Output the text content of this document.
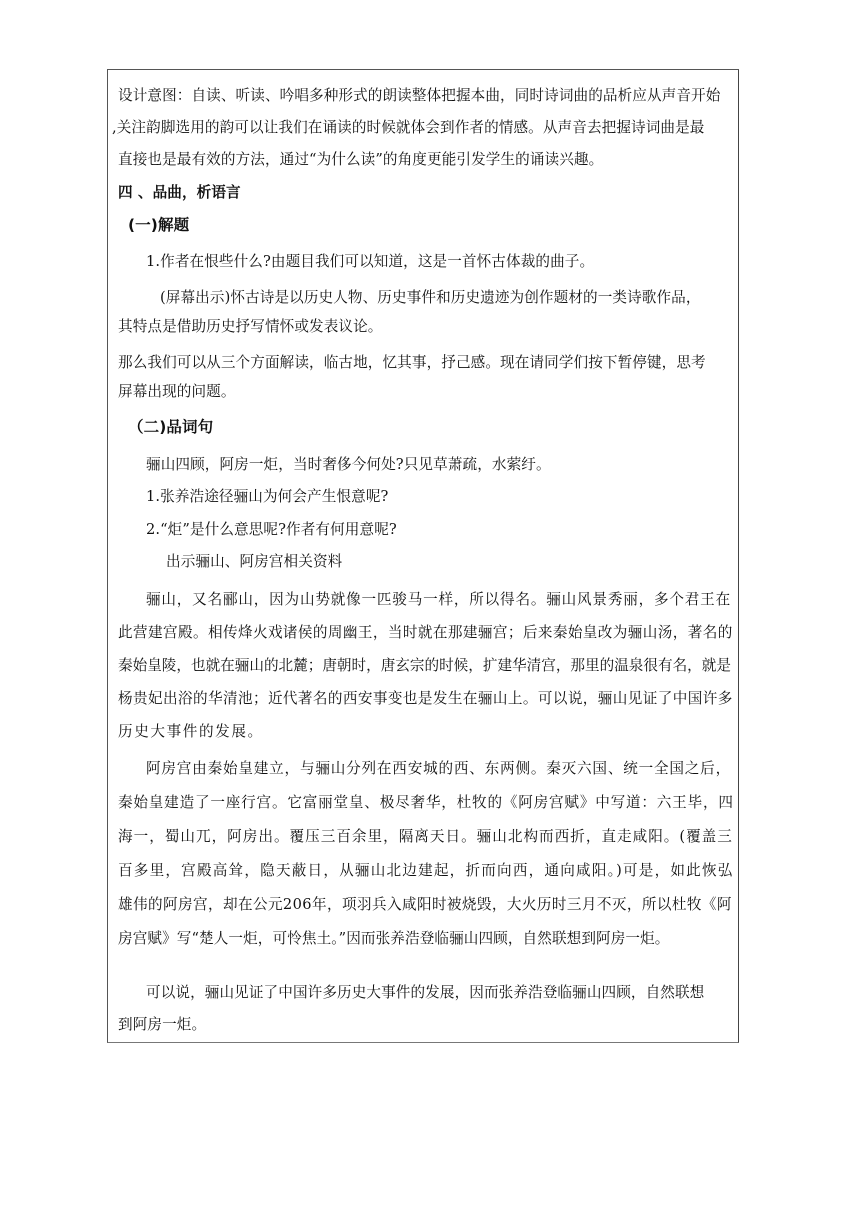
设计意图：自读、听读、吟唱多种形式的朗读整体把握本曲，同时诗词曲的品析应从声音开始
,关注韵脚选用的韵可以让我们在诵读的时候就体会到作者的情感。从声音去把握诗词曲是最
直接也是最有效的方法，通过“为什么读”的角度更能引发学生的诵读兴趣。
四 、品曲，析语言
(一)解题
1.作者在恨些什么?由题目我们可以知道，这是一首怀古体裁的曲子。
(屏幕出示)怀古诗是以历史人物、历史事件和历史遗迹为创作题材的一类诗歌作品，
其特点是借助历史抒写情怀或发表议论。
那么我们可以从三个方面解读，临古地，忆其事，抒己感。现在请同学们按下暂停键，思考
屏幕出现的问题。
（二)品词句
骊山四顾，阿房一炬，当时奢侈今何处?只见草萧疏，水萦纡。
1.张养浩途径骊山为何会产生恨意呢?
2.“炬”是什么意思呢?作者有何用意呢?
出示骊山、阿房宫相关资料
骊山，又名郦山，因为山势就像一匹骏马一样，所以得名。骊山风景秀丽，多个君王在
此营建宫殿。相传烽火戏诸侯的周幽王，当时就在那建骊宫；后来秦始皇改为骊山汤，著名的
秦始皇陵，也就在骊山的北麓；唐朝时，唐玄宗的时候，扩建华清宫，那里的温泉很有名，就是
杨贵妃出浴的华清池；近代著名的西安事变也是发生在骊山上。可以说，骊山见证了中国许多
历史大事件的发展。
阿房宫由秦始皇建立，与骊山分列在西安城的西、东两侧。秦灭六国、统一全国之后，
秦始皇建造了一座行宫。它富丽堂皇、极尽奢华，杜牧的《阿房宫赋》中写道：六王毕，四
海一，蜀山兀，阿房出。覆压三百余里，隔离天日。骊山北构而西折，直走咸阳。(覆盖三
百多里，宫殿高耸，隐天蔽日，从骊山北边建起，折而向西，通向咸阳。)可是，如此恢弘
雄伟的阿房宫，却在公元206年，项羽兵入咸阳时被烧毁，大火历时三月不灭，所以杜牧《阿
房宫赋》写“楚人一炬，可怜焦土。”因而张养浩登临骊山四顾，自然联想到阿房一炬。
可以说，骊山见证了中国许多历史大事件的发展，因而张养浩登临骊山四顾，自然联想
到阿房一炬。
